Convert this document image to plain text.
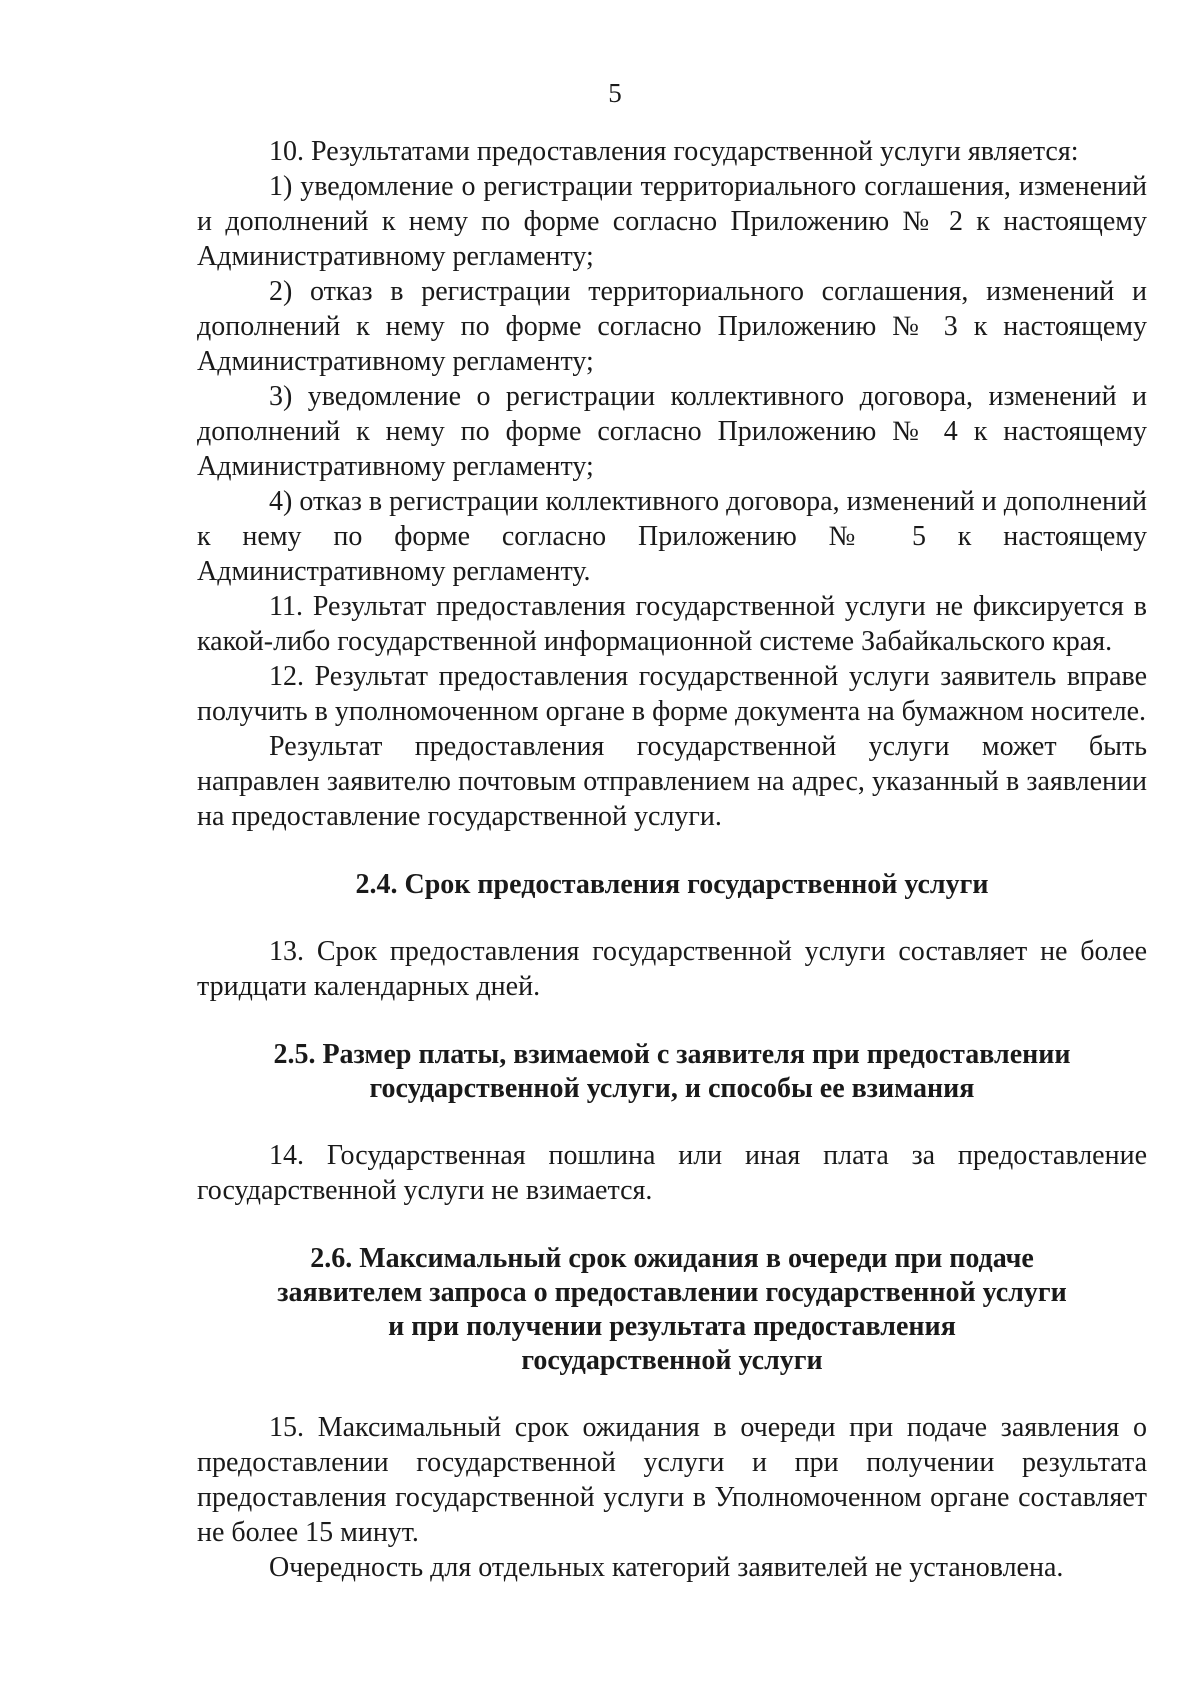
5

10. Результатами предоставления государственной услуги является:

1) уведомление о регистрации территориального соглашения, изменений и дополнений к нему по форме согласно Приложению № 2 к настоящему Административному регламенту;

2) отказ в регистрации территориального соглашения, изменений и дополнений к нему по форме согласно Приложению № 3 к настоящему Административному регламенту;

3) уведомление о регистрации коллективного договора, изменений и дополнений к нему по форме согласно Приложению № 4 к настоящему Административному регламенту;

4) отказ в регистрации коллективного договора, изменений и дополнений к нему по форме согласно Приложению № 5 к настоящему Административному регламенту.

11. Результат предоставления государственной услуги не фиксируется в какой-либо государственной информационной системе Забайкальского края.

12. Результат предоставления государственной услуги заявитель вправе получить в уполномоченном органе в форме документа на бумажном носителе.

Результат предоставления государственной услуги может быть направлен заявителю почтовым отправлением на адрес, указанный в заявлении на предоставление государственной услуги.

2.4. Срок предоставления государственной услуги

13. Срок предоставления государственной услуги составляет не более тридцати календарных дней.

2.5. Размер платы, взимаемой с заявителя при предоставлении
государственной услуги, и способы ее взимания

14. Государственная пошлина или иная плата за предоставление государственной услуги не взимается.

2.6. Максимальный срок ожидания в очереди при подаче
заявителем запроса о предоставлении государственной услуги
и при получении результата предоставления
государственной услуги

15. Максимальный срок ожидания в очереди при подаче заявления о предоставлении государственной услуги и при получении результата предоставления государственной услуги в Уполномоченном органе составляет не более 15 минут.

Очередность для отдельных категорий заявителей не установлена.
